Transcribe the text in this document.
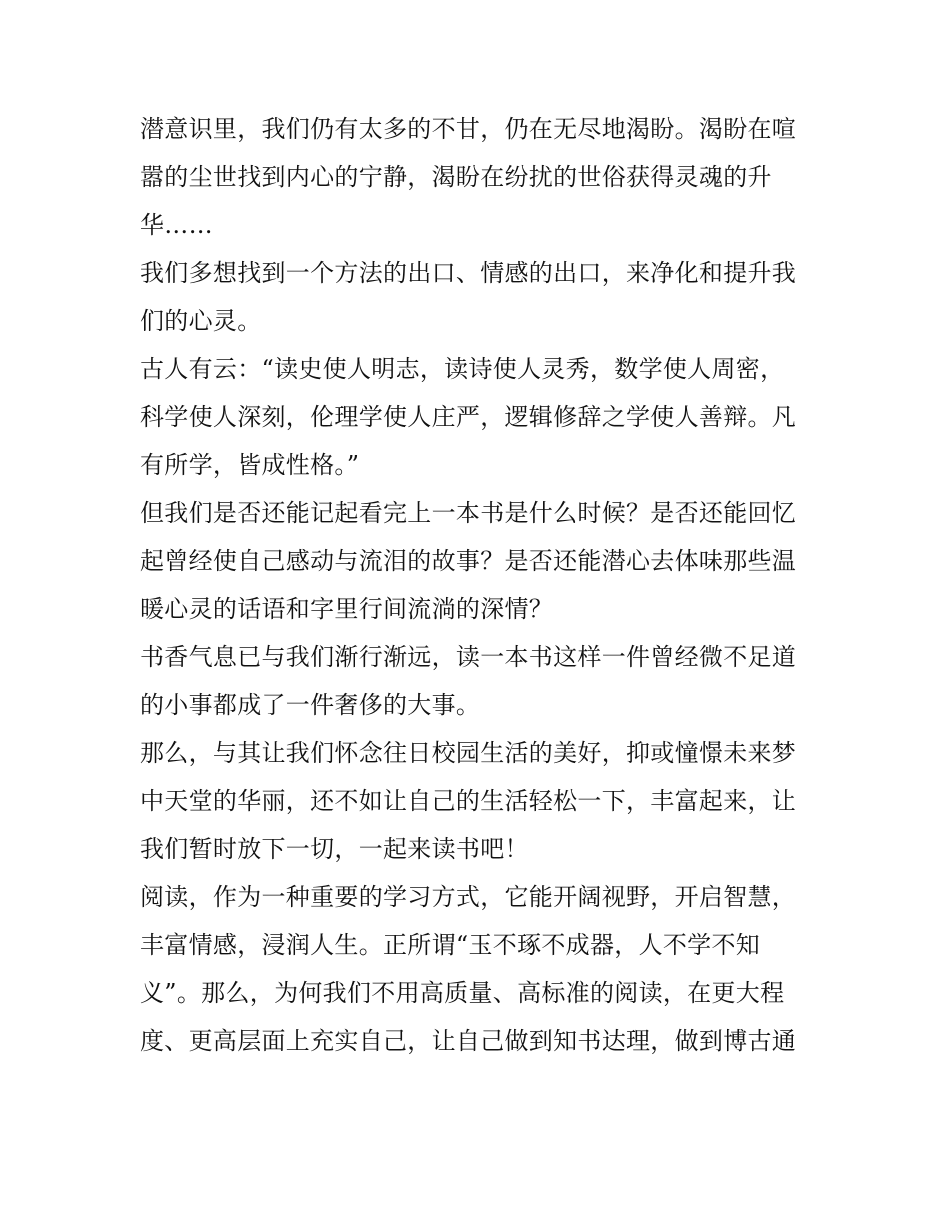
潜意识里，我们仍有太多的不甘，仍在无尽地渴盼。渴盼在喧
嚣的尘世找到内心的宁静，渴盼在纷扰的世俗获得灵魂的升
华……
我们多想找到一个方法的出口、情感的出口，来净化和提升我
们的心灵。
古人有云：“读史使人明志，读诗使人灵秀，数学使人周密，
科学使人深刻，伦理学使人庄严，逻辑修辞之学使人善辩。凡
有所学，皆成性格。”
但我们是否还能记起看完上一本书是什么时候？是否还能回忆
起曾经使自己感动与流泪的故事？是否还能潜心去体味那些温
暖心灵的话语和字里行间流淌的深情？
书香气息已与我们渐行渐远，读一本书这样一件曾经微不足道
的小事都成了一件奢侈的大事。
那么，与其让我们怀念往日校园生活的美好，抑或憧憬未来梦
中天堂的华丽，还不如让自己的生活轻松一下，丰富起来，让
我们暂时放下一切，一起来读书吧！
阅读，作为一种重要的学习方式，它能开阔视野，开启智慧，
丰富情感，浸润人生。正所谓“玉不琢不成器，人不学不知
义”。那么，为何我们不用高质量、高标准的阅读，在更大程
度、更高层面上充实自己，让自己做到知书达理，做到博古通
